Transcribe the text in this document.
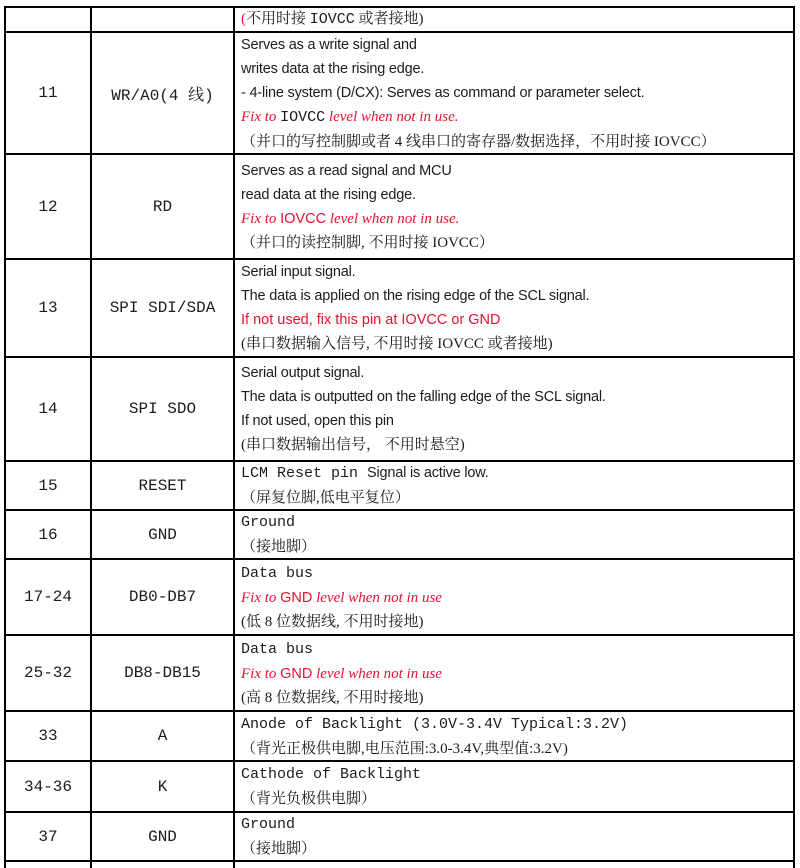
(不用时接 IOVCC 或者接地)
11	WR/A0(4 线)
Serves as a write signal and
writes data at the rising edge.
- 4-line system (D/CX): Serves as command or parameter select.
Fix to IOVCC level when not in use.
（并口的写控制脚或者 4 线串口的寄存器/数据选择，不用时接 IOVCC）
12	RD
Serves as a read signal and MCU
read data at the rising edge.
Fix to IOVCC level when not in use.
（并口的读控制脚, 不用时接 IOVCC）
13	SPI SDI/SDA
Serial input signal.
The data is applied on the rising edge of the SCL signal.
If not used, fix this pin at IOVCC or GND
(串口数据输入信号, 不用时接 IOVCC 或者接地)
14	SPI SDO
Serial output signal.
The data is outputted on the falling edge of the SCL signal.
If not used, open this pin
(串口数据输出信号， 不用时悬空)
15	RESET
LCM Reset pin Signal is active low.
（屏复位脚,低电平复位）
16	GND
Ground
（接地脚）
17-24	DB0-DB7
Data bus
Fix to GND level when not in use
(低 8 位数据线, 不用时接地)
25-32	DB8-DB15
Data bus
Fix to GND level when not in use
(高 8 位数据线, 不用时接地)
33	A
Anode of Backlight (3.0V-3.4V Typical:3.2V)
（背光正极供电脚,电压范围:3.0-3.4V,典型值:3.2V)
34-36	K
Cathode of Backlight
（背光负极供电脚）
37	GND
Ground
（接地脚）
